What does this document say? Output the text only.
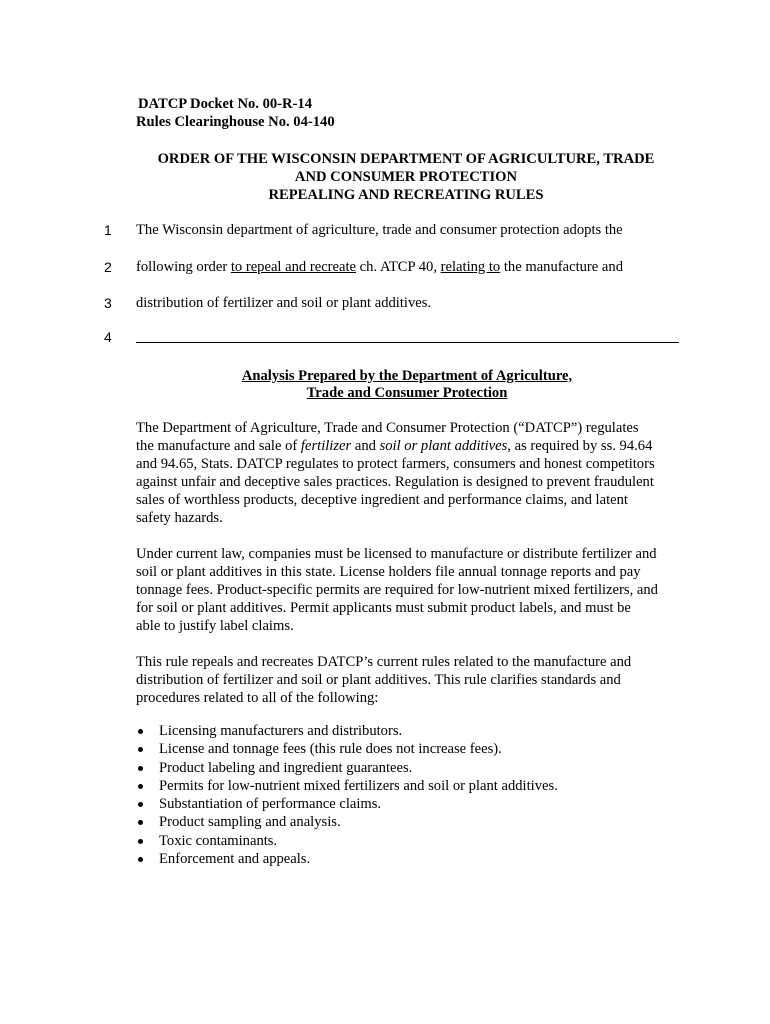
DATCP Docket No. 00-R-14
Rules Clearinghouse No. 04-140
ORDER OF THE WISCONSIN DEPARTMENT OF AGRICULTURE, TRADE
AND CONSUMER PROTECTION
REPEALING AND RECREATING RULES
1	The Wisconsin department of agriculture, trade and consumer protection adopts the
2	following order to repeal and recreate ch. ATCP 40, relating to the manufacture and
3	distribution of fertilizer and soil or plant additives.
4
Analysis Prepared by the Department of Agriculture,
Trade and Consumer Protection
The Department of Agriculture, Trade and Consumer Protection (“DATCP”) regulates
the manufacture and sale of fertilizer and soil or plant additives, as required by ss. 94.64
and 94.65, Stats. DATCP regulates to protect farmers, consumers and honest competitors
against unfair and deceptive sales practices. Regulation is designed to prevent fraudulent
sales of worthless products, deceptive ingredient and performance claims, and latent
safety hazards.
Under current law, companies must be licensed to manufacture or distribute fertilizer and
soil or plant additives in this state. License holders file annual tonnage reports and pay
tonnage fees. Product-specific permits are required for low-nutrient mixed fertilizers, and
for soil or plant additives. Permit applicants must submit product labels, and must be
able to justify label claims.
This rule repeals and recreates DATCP’s current rules related to the manufacture and
distribution of fertilizer and soil or plant additives. This rule clarifies standards and
procedures related to all of the following:
Licensing manufacturers and distributors.
License and tonnage fees (this rule does not increase fees).
Product labeling and ingredient guarantees.
Permits for low-nutrient mixed fertilizers and soil or plant additives.
Substantiation of performance claims.
Product sampling and analysis.
Toxic contaminants.
Enforcement and appeals.
